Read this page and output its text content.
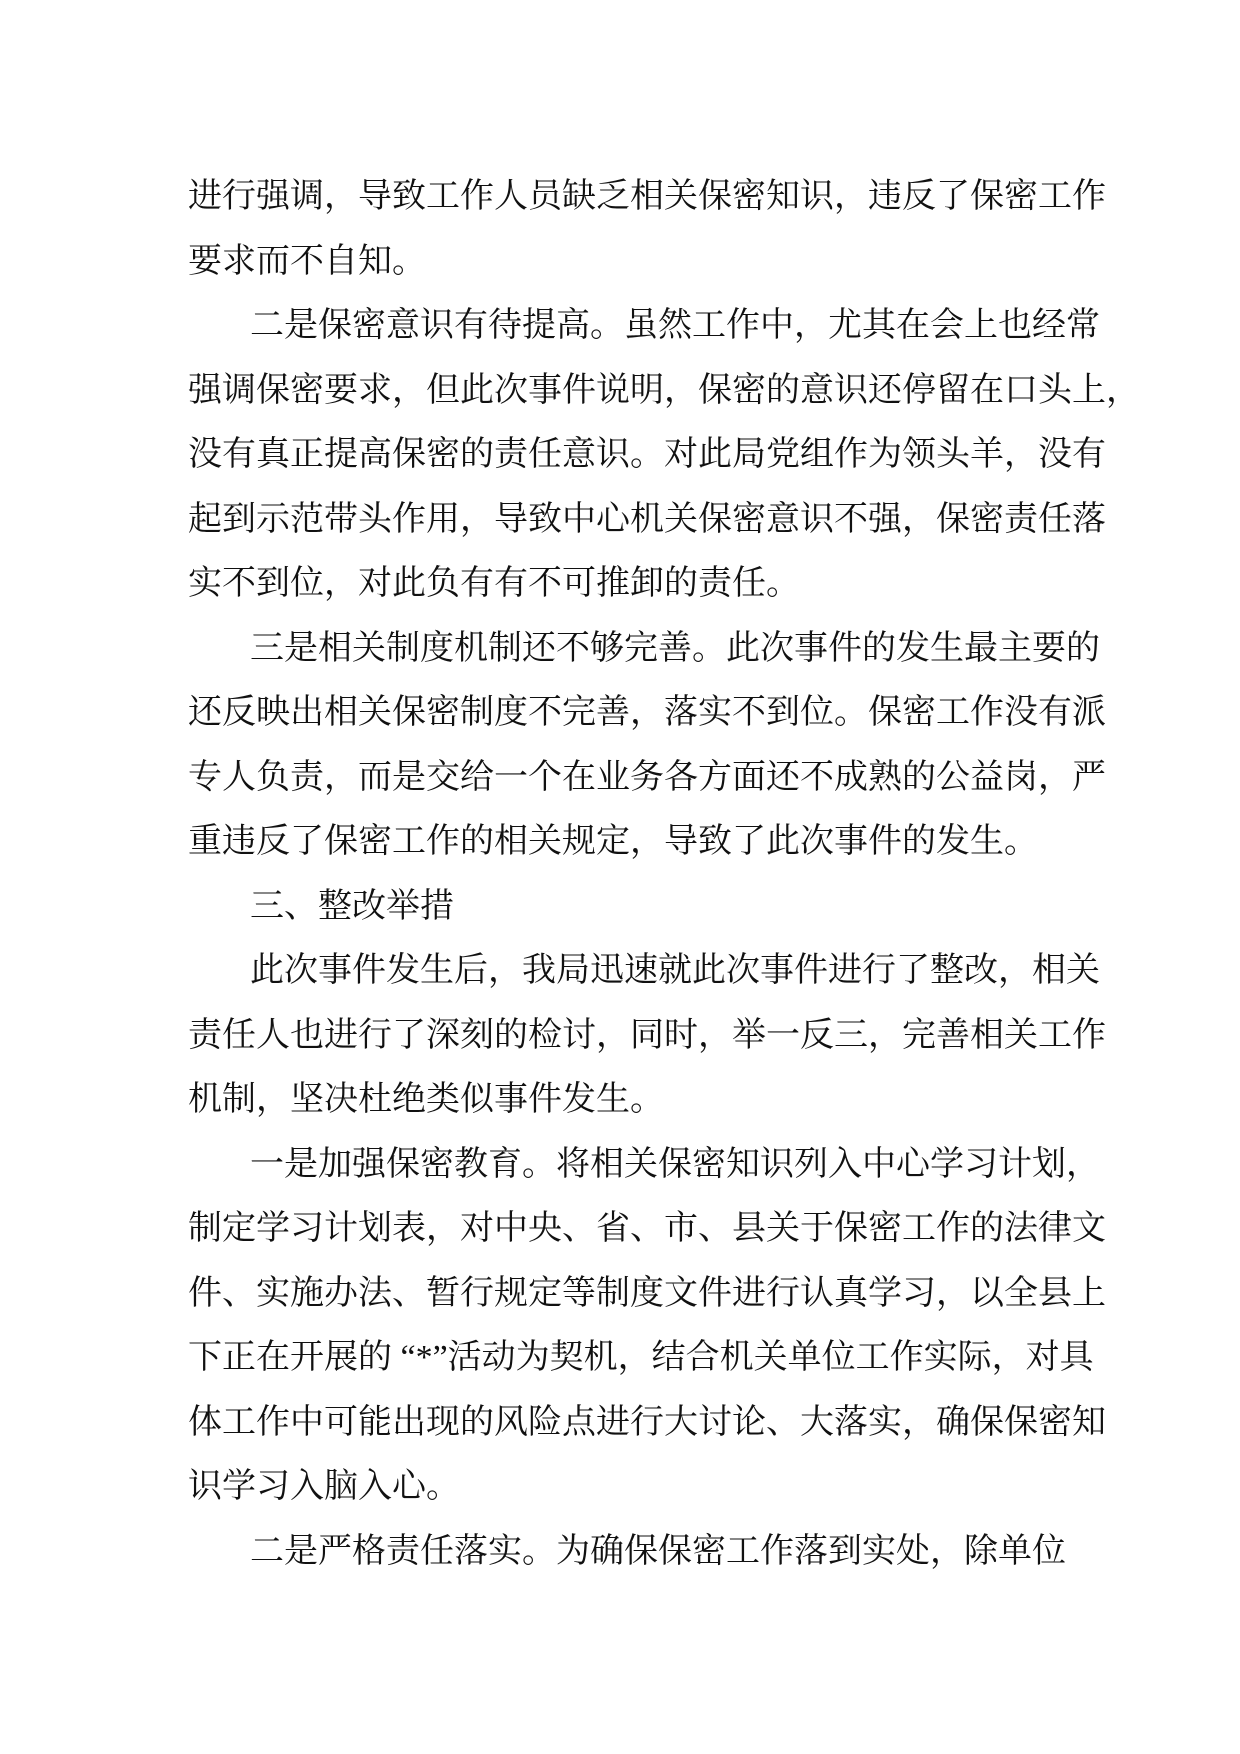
进行强调，导致工作人员缺乏相关保密知识，违反了保密工作
要求而不自知。
二是保密意识有待提高。虽然工作中，尤其在会上也经常
强调保密要求，但此次事件说明，保密的意识还停留在口头上，
没有真正提高保密的责任意识。对此局党组作为领头羊，没有
起到示范带头作用，导致中心机关保密意识不强，保密责任落
实不到位，对此负有有不可推卸的责任。
三是相关制度机制还不够完善。此次事件的发生最主要的
还反映出相关保密制度不完善，落实不到位。保密工作没有派
专人负责，而是交给一个在业务各方面还不成熟的公益岗，严
重违反了保密工作的相关规定，导致了此次事件的发生。
三、整改举措
此次事件发生后，我局迅速就此次事件进行了整改，相关
责任人也进行了深刻的检讨，同时，举一反三，完善相关工作
机制，坚决杜绝类似事件发生。
一是加强保密教育。将相关保密知识列入中心学习计划，
制定学习计划表，对中央、省、市、县关于保密工作的法律文
件、实施办法、暂行规定等制度文件进行认真学习，以全县上
下正在开展的 “*”活动为契机，结合机关单位工作实际，对具
体工作中可能出现的风险点进行大讨论、大落实，确保保密知
识学习入脑入心。
二是严格责任落实。为确保保密工作落到实处，除单位
